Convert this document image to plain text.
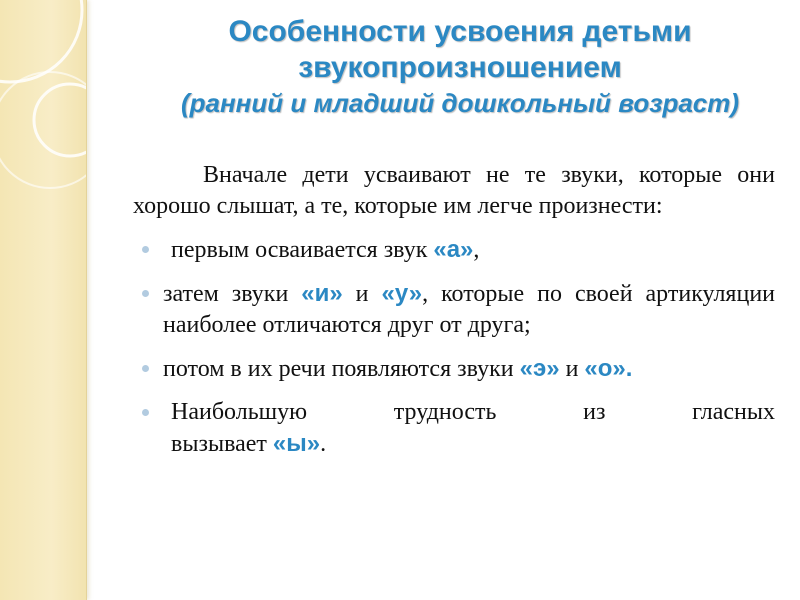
Особенности усвоения детьми
звукопроизношением
(ранний и младший дошкольный возраст)

Вначале дети усваивают не те звуки, которые они хорошо слышат, а те, которые им легче произнести:

первым осваивается звук «а»,
затем звуки «и» и «у», которые по своей артикуляции наиболее отличаются друг от друга;
потом в их речи появляются звуки «э» и «о».
Наибольшую	трудность	из	гласных
вызывает «ы».
